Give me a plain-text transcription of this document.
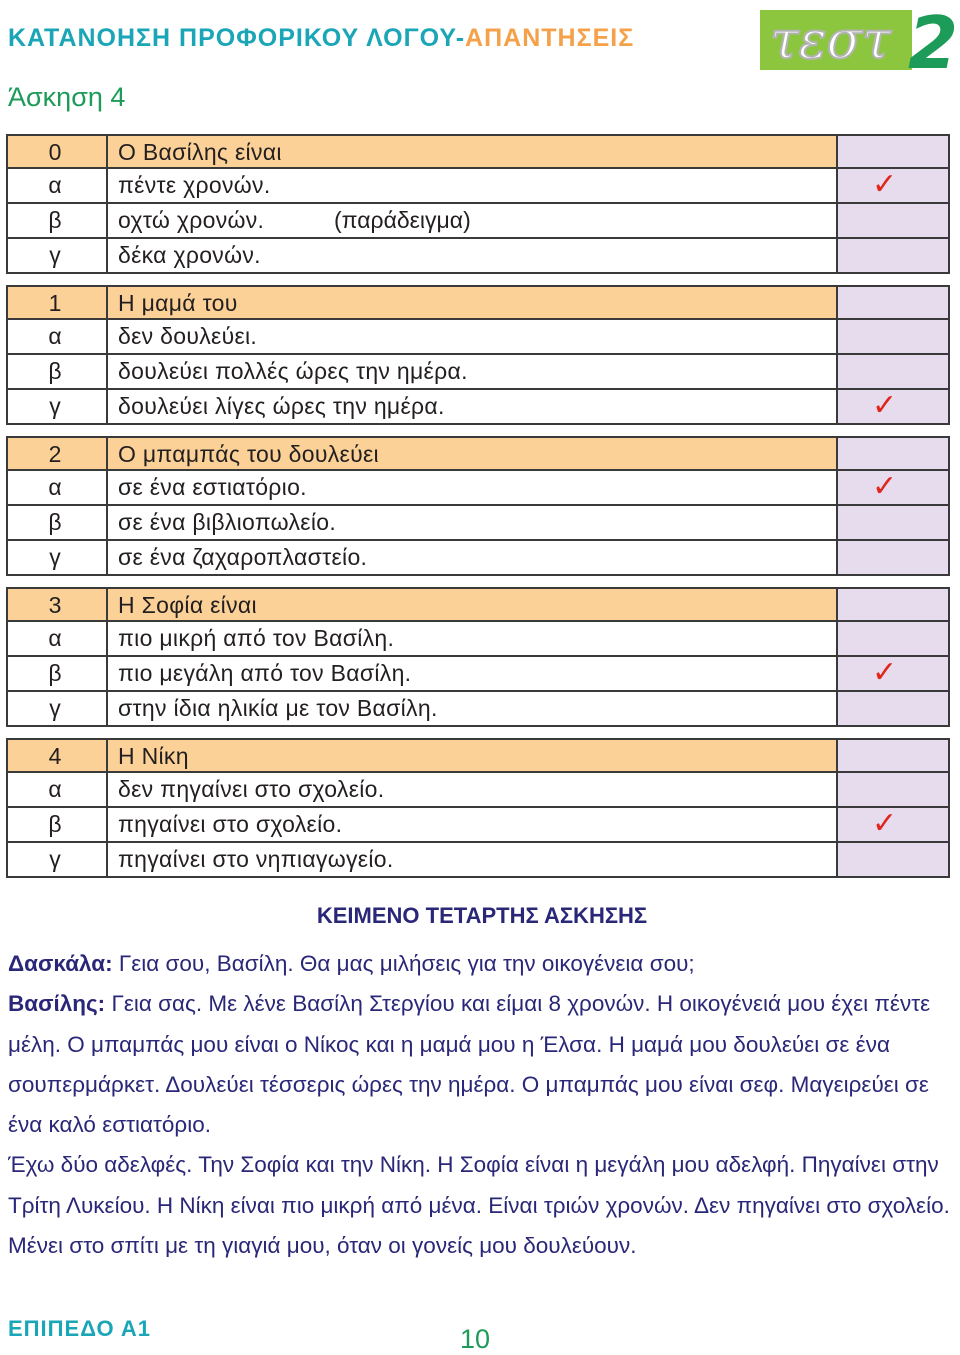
ΚΑΤΑΝΟΗΣΗ ΠΡΟΦΟΡΙΚΟΥ ΛΟΓΟΥ-ΑΠΑΝΤΗΣΕΙΣ	τεστ 2
Άσκηση 4
0	Ο Βασίλης είναι
α	πέντε χρονών.	✓
β	οχτώ χρονών.	(παράδειγμα)
γ	δέκα χρονών.
1	Η μαμά του
α	δεν δουλεύει.
β	δουλεύει πολλές ώρες την ημέρα.
γ	δουλεύει λίγες ώρες την ημέρα.	✓
2	Ο μπαμπάς του δουλεύει
α	σε ένα εστιατόριο.	✓
β	σε ένα βιβλιοπωλείο.
γ	σε ένα ζαχαροπλαστείο.
3	Η Σοφία είναι
α	πιο μικρή από τον Βασίλη.
β	πιο μεγάλη από τον Βασίλη.	✓
γ	στην ίδια ηλικία με τον Βασίλη.
4	Η Νίκη
α	δεν πηγαίνει στο σχολείο.
β	πηγαίνει στο σχολείο.	✓
γ	πηγαίνει στο νηπιαγωγείο.
ΚΕΙΜΕΝΟ ΤΕΤΑΡΤΗΣ ΑΣΚΗΣΗΣ
Δασκάλα: Γεια σου, Βασίλη. Θα μας μιλήσεις για την οικογένεια σου;
Βασίλης: Γεια σας. Με λένε Βασίλη Στεργίου και είμαι 8 χρονών. Η οικογένειά μου έχει πέντε μέλη. Ο μπαμπάς μου είναι ο Νίκος και η μαμά μου η Έλσα. Η μαμά μου δουλεύει σε ένα σουπερμάρκετ. Δουλεύει τέσσερις ώρες την ημέρα. Ο μπαμπάς μου είναι σεφ. Μαγειρεύει σε ένα καλό εστιατόριο.
Έχω δύο αδελφές. Την Σοφία και την Νίκη. Η Σοφία είναι η μεγάλη μου αδελφή. Πηγαίνει στην Τρίτη Λυκείου. Η Νίκη είναι πιο μικρή από μένα. Είναι τριών χρονών. Δεν πηγαίνει στο σχολείο. Μένει στο σπίτι με τη γιαγιά μου, όταν οι γονείς μου δουλεύουν.
ΕΠΙΠΕΔΟ Α1	10
